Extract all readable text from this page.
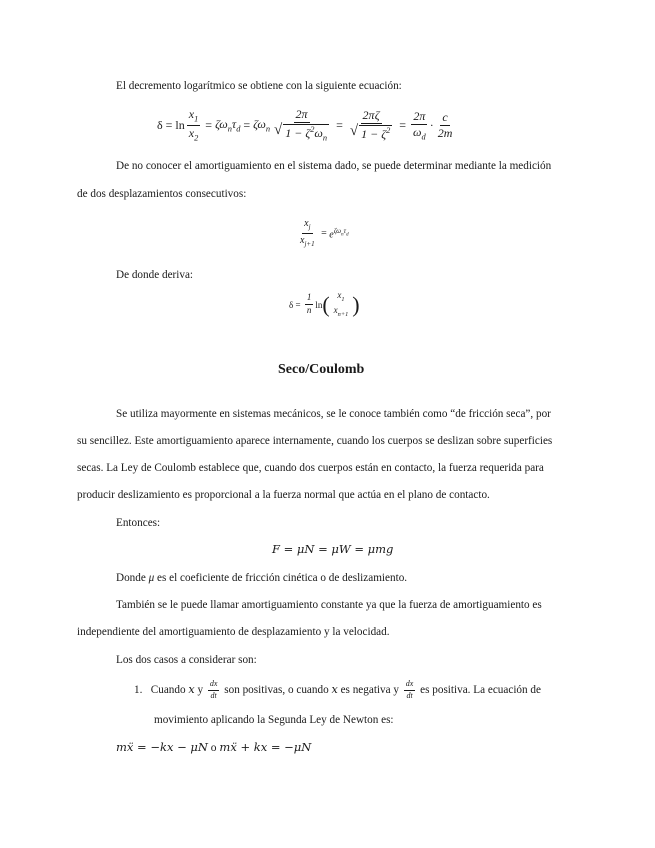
El decremento logarítmico se obtiene con la siguiente ecuación:
$\delta = \ln \frac{x_1}{x_2} = \zeta\omega_n\tau_d = \zeta\omega_n \frac{2\pi}{√ 1 - \zeta^2\omega_n} = \frac{2\pi\zeta}{√ 1 - \zeta^2} = \frac{2\pi}{\omega_d} \cdot \frac{c}{2m}$
De no conocer el amortiguamiento en el sistema dado, se puede determinar mediante la medición
de dos desplazamientos consecutivos:
$\frac{x_j}{x_{j+1}} = e^{\zeta\omega_n\tau_d}$
De donde deriva:
$\delta = \frac{1}{n}$ ln ( $x_1$
$x_{n+1}$ )
Seco/Coulomb
Se utiliza mayormente en sistemas mecánicos, se le conoce también como “de fricción seca”, por
su sencillez. Este amortiguamiento aparece internamente, cuando los cuerpos se deslizan sobre superficies
secas. La Ley de Coulomb establece que, cuando dos cuerpos están en contacto, la fuerza requerida para
producir deslizamiento es proporcional a la fuerza normal que actúa en el plano de contacto.
Entonces:
F = μN = μW = μmg
Donde μ es el coeficiente de fricción cinética o de deslizamiento.
También se le puede llamar amortiguamiento constante ya que la fuerza de amortiguamiento es
independiente del amortiguamiento de desplazamiento y la velocidad.
Los dos casos a considerar son:
1.
Cuando
x
y
$\frac{dx}{dt}$
son positivas, o cuando
x
es negativa y
$\frac{dx}{dt}$
es positiva. La ecuación de
movimiento aplicando la Segunda Ley de Newton es:
mẍ = −kx − μN o mẍ + kx = −μN
